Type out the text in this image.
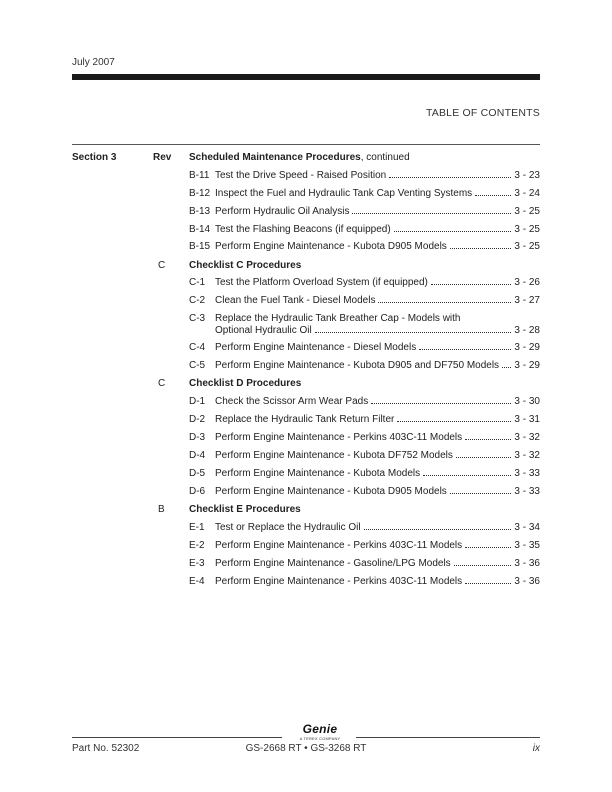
July 2007
TABLE OF CONTENTS
Section 3	Rev Scheduled Maintenance Procedures, continued
B-11 Test the Drive Speed - Raised Position	3 - 23
B-12 Inspect the Fuel and Hydraulic Tank Cap Venting Systems	3 - 24
B-13 Perform Hydraulic Oil Analysis	3 - 25
B-14 Test the Flashing Beacons (if equipped)	3 - 25
B-15 Perform Engine Maintenance - Kubota D905 Models	3 - 25
C Checklist C Procedures
C-1 Test the Platform Overload System (if equipped)	3 - 26
C-2 Clean the Fuel Tank - Diesel Models	3 - 27
C-3 Replace the Hydraulic Tank Breather Cap - Models with
Optional Hydraulic Oil	3 - 28
C-4 Perform Engine Maintenance - Diesel Models	3 - 29
C-5 Perform Engine Maintenance - Kubota D905 and DF750 Models 3 - 29
C Checklist D Procedures
D-1 Check the Scissor Arm Wear Pads	3 - 30
D-2 Replace the Hydraulic Tank Return Filter	3 - 31
D-3 Perform Engine Maintenance - Perkins 403C-11 Models	3 - 32
D-4 Perform Engine Maintenance - Kubota DF752 Models	3 - 32
D-5 Perform Engine Maintenance - Kubota Models	3 - 33
D-6 Perform Engine Maintenance - Kubota D905 Models	3 - 33
B Checklist E Procedures
E-1 Test or Replace the Hydraulic Oil	3 - 34
E-2 Perform Engine Maintenance - Perkins 403C-11 Models	3 - 35
E-3 Perform Engine Maintenance - Gasoline/LPG Models	3 - 36
E-4 Perform Engine Maintenance - Perkins 403C-11 Models	3 - 36
Genie
A TEREX COMPANY
Part No. 52302	GS-2668 RT • GS-3268 RT	ix
